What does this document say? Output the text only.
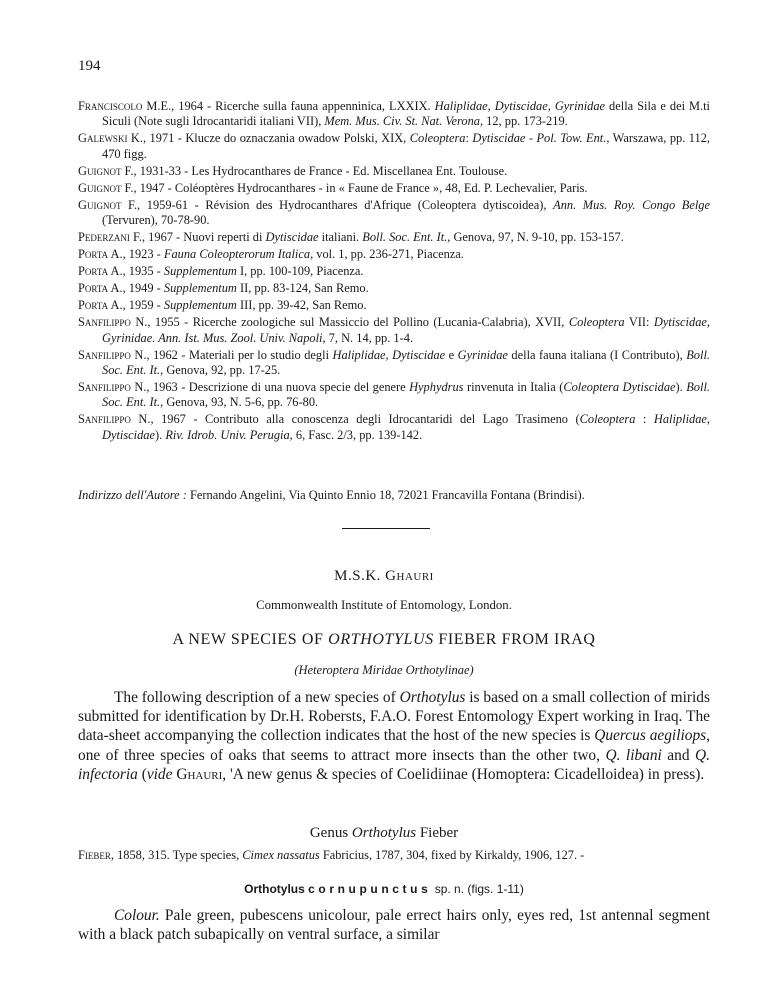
194

Franciscolo M.E., 1964 - Ricerche sulla fauna appenninica, LXXIX. Haliplidae, Dytiscidae, Gyrinidae della Sila e dei M.ti Siculi (Note sugli Idrocantaridi italiani VII), Mem. Mus. Civ. St. Nat. Verona, 12, pp. 173-219.

Galewski K., 1971 - Klucze do oznaczania owadow Polski, XIX, Coleoptera: Dytiscidae - Pol. Tow. Ent., Warszawa, pp. 112, 470 figg.

Guignot F., 1931-33 - Les Hydrocanthares de France - Ed. Miscellanea Ent. Toulouse.

Guignot F., 1947 - Coléoptères Hydrocanthares - in « Faune de France », 48, Ed. P. Lechevalier, Paris.

Guignot F., 1959-61 - Révision des Hydrocanthares d'Afrique (Coleoptera dytiscoidea), Ann. Mus. Roy. Congo Belge (Tervuren), 70-78-90.

Pederzani F., 1967 - Nuovi reperti di Dytiscidae italiani. Boll. Soc. Ent. It., Genova, 97, N. 9-10, pp. 153-157.

Porta A., 1923 - Fauna Coleopterorum Italica, vol. 1, pp. 236-271, Piacenza.

Porta A., 1935 - Supplementum I, pp. 100-109, Piacenza.

Porta A., 1949 - Supplementum II, pp. 83-124, San Remo.

Porta A., 1959 - Supplementum III, pp. 39-42, San Remo.

Sanfilippo N., 1955 - Ricerche zoologiche sul Massiccio del Pollino (Lucania-Calabria), XVII, Coleoptera VII: Dytiscidae, Gyrinidae. Ann. Ist. Mus. Zool. Univ. Napoli, 7, N. 14, pp. 1-4.

Sanfilippo N., 1962 - Materiali per lo studio degli Haliplidae, Dytiscidae e Gyrinidae della fauna italiana (I Contributo), Boll. Soc. Ent. It., Genova, 92, pp. 17-25.

Sanfilippo N., 1963 - Descrizione di una nuova specie del genere Hyphydrus rinvenuta in Italia (Coleoptera Dytiscidae). Boll. Soc. Ent. It., Genova, 93, N. 5-6, pp. 76-80.

Sanfilippo N., 1967 - Contributo alla conoscenza degli Idrocantaridi del Lago Trasimeno (Coleoptera : Haliplidae, Dytiscidae). Riv. Idrob. Univ. Perugia, 6, Fasc. 2/3, pp. 139-142.

Indirizzo dell'Autore : Fernando Angelini, Via Quinto Ennio 18, 72021 Francavilla Fontana (Brindisi).
M.S.K. Ghauri
Commonwealth Institute of Entomology, London.
A NEW SPECIES OF ORTHOTYLUS FIEBER FROM IRAQ
(Heteroptera Miridae Orthotylinae)

The following description of a new species of Orthotylus is based on a small collection of mirids submitted for identification by Dr.H. Robersts, F.A.O. Forest Entomology Expert working in Iraq. The data-sheet accompanying the collection indicates that the host of the new species is Quercus aegiliops, one of three species of oaks that seems to attract more insects than the other two, Q. libani and Q. infectoria (vide Ghauri, 'A new genus & species of Coelidiinae (Homoptera: Cicadelloidea) in press).

Genus Orthotylus Fieber
Fieber, 1858, 315. Type species, Cimex nassatus Fabricius, 1787, 304, fixed by Kirkaldy, 1906, 127. -
Orthotylus cornupunctus sp. n. (figs. 1-11)

Colour. Pale green, pubescens unicolour, pale errect hairs only, eyes red, 1st antennal segment with a black patch subapically on ventral surface, a similar
